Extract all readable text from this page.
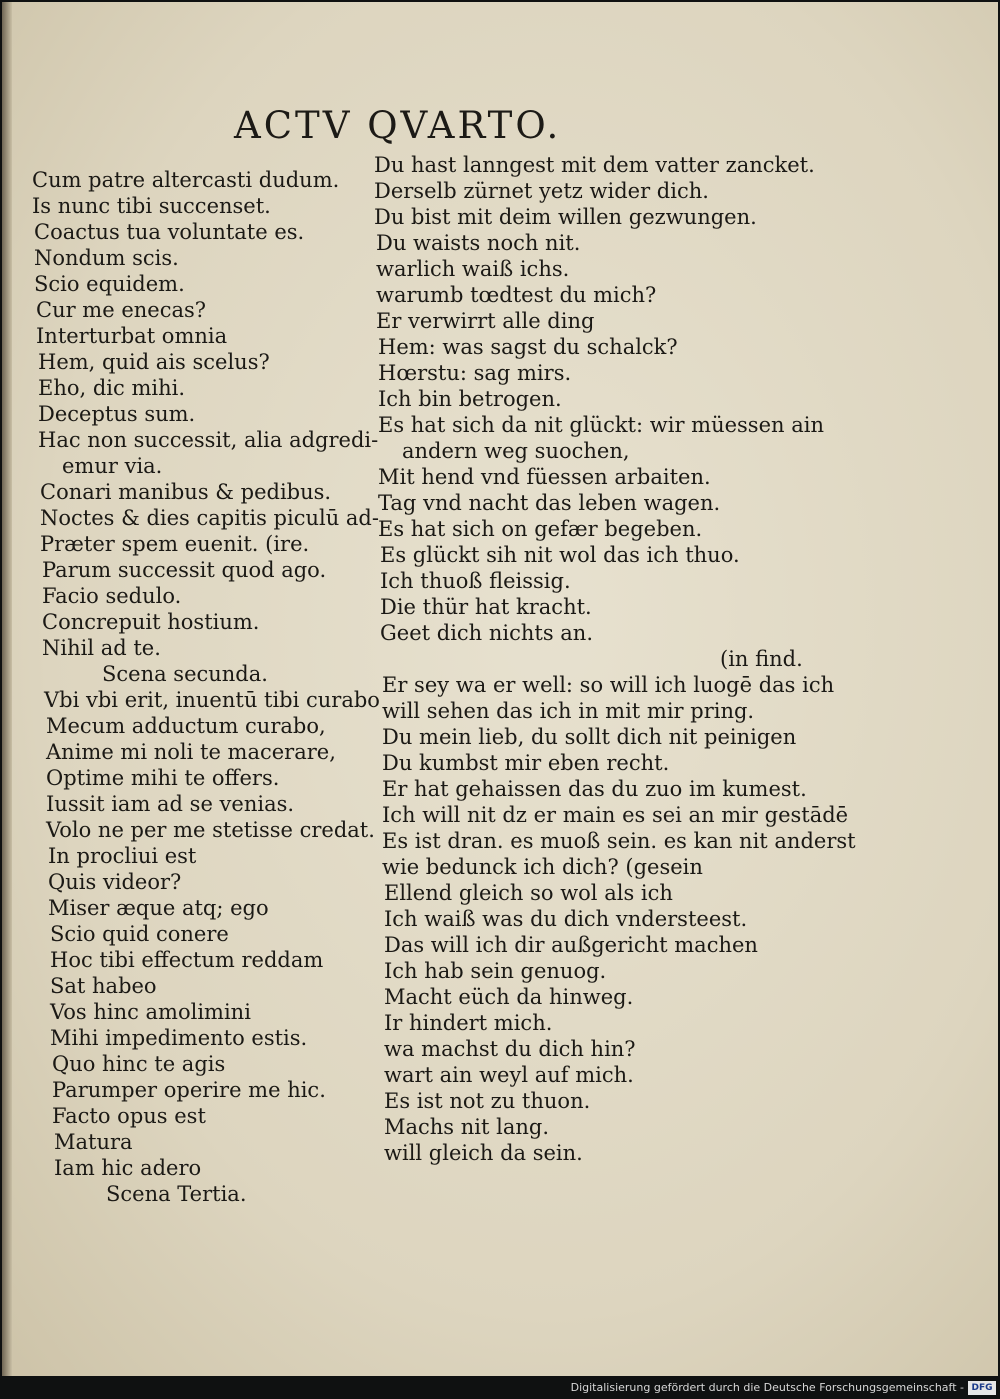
ACTV QVARTO.
Cum patre altercasti dudum.
Is nunc tibi succenset.
Coactus tua voluntate es.
Nondum scis.
Scio equidem.
Cur me enecas?
Interturbat omnia
Hem, quid ais scelus?
Eho, dic mihi.
Deceptus sum.
Hac non successit, alia adgredi-
emur via.
Conari manibus & pedibus.
Noctes & dies capitis piculū ad-
Præter spem euenit. (ire.
Parum successit quod ago.
Facio sedulo.
Concrepuit hostium.
Nihil ad te.
Scena secunda.
Vbi vbi erit, inuentū tibi curabo
Mecum adductum curabo,
Anime mi noli te macerare,
Optime mihi te offers.
Iussit iam ad se venias.
Volo ne per me stetisse credat.
In procliui est
Quis videor?
Miser æque atq; ego
Scio quid conere
Hoc tibi effectum reddam
Sat habeo
Vos hinc amolimini
Mihi impedimento estis.
Quo hinc te agis
Parumper operire me hic.
Facto opus est
Matura
Iam hic adero
Scena Tertia.
Du hast lanngest mit dem vatter zancket.
Derselb zürnet yetz wider dich.
Du bist mit deim willen gezwungen.
Du waists noch nit.
warlich waiß ichs.
warumb tœdtest du mich?
Er verwirrt alle ding
Hem: was sagst du schalck?
Hœrstu: sag mirs.
Ich bin betrogen.
Es hat sich da nit glückt: wir müessen ain
andern weg suochen,
Mit hend vnd füessen arbaiten.
Tag vnd nacht das leben wagen.
Es hat sich on gefær begeben.
Es glückt sih nit wol das ich thuo.
Ich thuoß fleissig.
Die thür hat kracht.
Geet dich nichts an.
(in find.
Er sey wa er well: so will ich luogē das ich
will sehen das ich in mit mir pring.
Du mein lieb, du sollt dich nit peinigen
Du kumbst mir eben recht.
Er hat gehaissen das du zuo im kumest.
Ich will nit dz er main es sei an mir gestādē
Es ist dran. es muoß sein. es kan nit anderst
wie bedunck ich dich? (gesein
Ellend gleich so wol als ich
Ich waiß was du dich vndersteest.
Das will ich dir außgericht machen
Ich hab sein genuog.
Macht eüch da hinweg.
Ir hindert mich.
wa machst du dich hin?
wart ain weyl auf mich.
Es ist not zu thuon.
Machs nit lang.
will gleich da sein.
Digitalisierung gefördert durch die Deutsche Forschungsgemeinschaft - DFG
